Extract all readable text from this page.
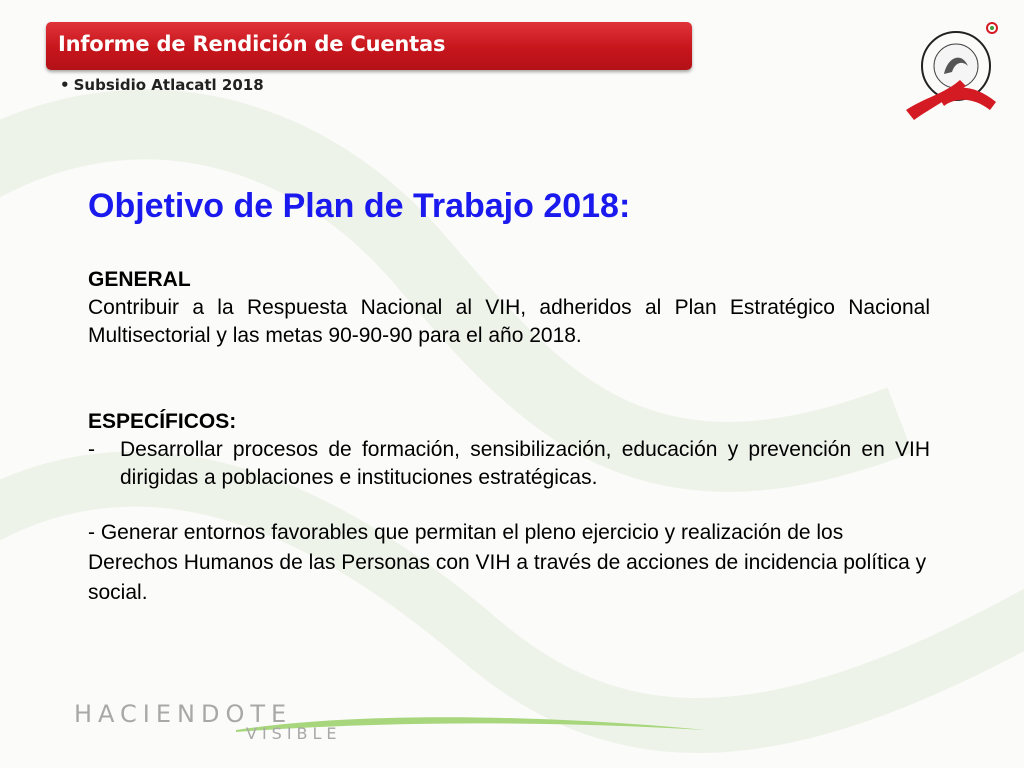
Informe de Rendición de Cuentas
• Subsidio Atlacatl 2018
Objetivo de Plan de Trabajo 2018:
GENERAL

Contribuir a la Respuesta Nacional al VIH, adheridos al Plan Estratégico Nacional Multisectorial y las metas 90-90-90 para el año 2018.

ESPECÍFICOS:
-	Desarrollar procesos de formación, sensibilización, educación y prevención en VIH dirigidas a poblaciones e instituciones estratégicas.

- Generar entornos favorables que permitan el pleno ejercicio y realización de los Derechos Humanos de las Personas con VIH a través de acciones de incidencia política y social.

HACIENDOTE
VISIBLE
